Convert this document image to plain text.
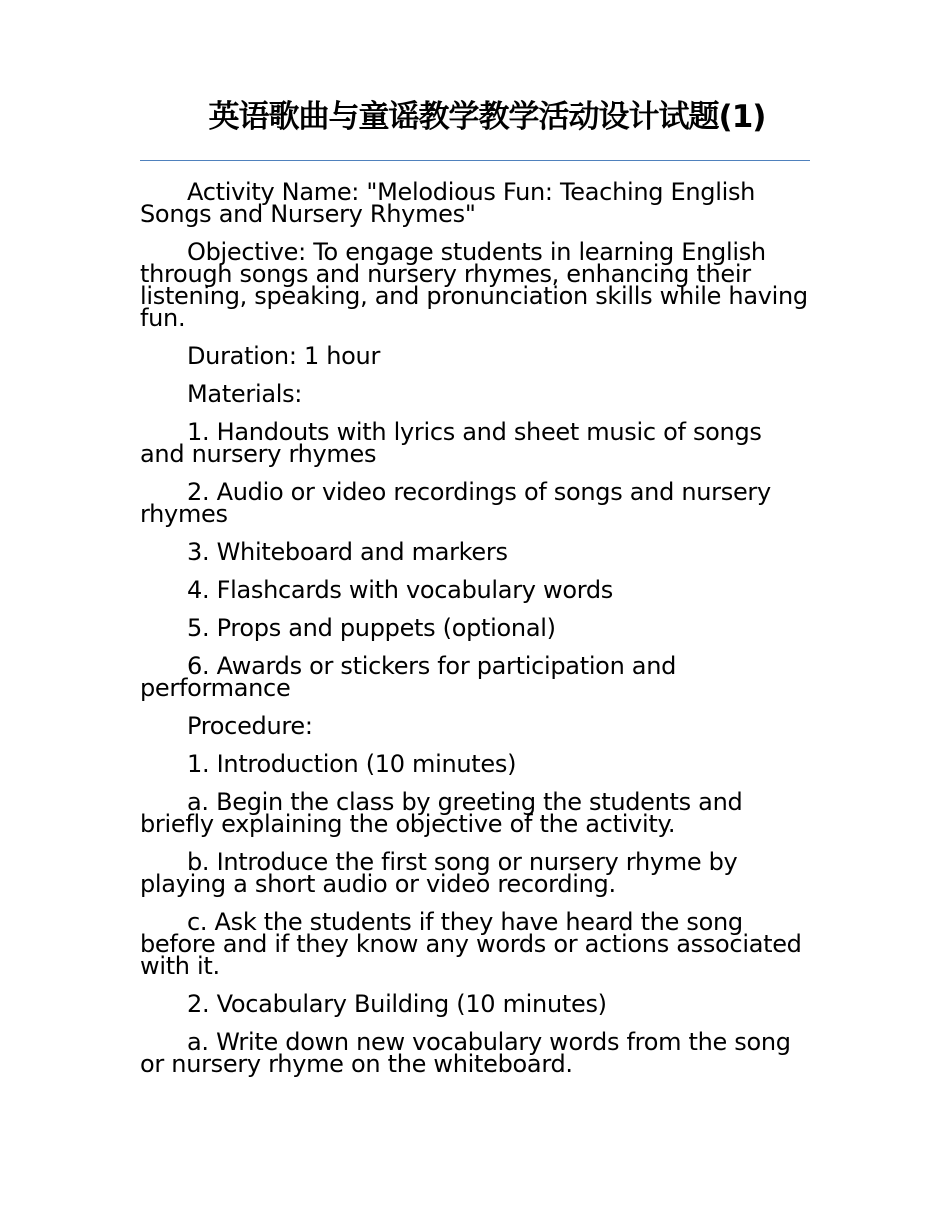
英语歌曲与童谣教学教学活动设计试题(1)

Activity Name: "Melodious Fun: Teaching English Songs and Nursery Rhymes"

Objective: To engage students in learning English through songs and nursery rhymes, enhancing their listening, speaking, and pronunciation skills while having fun.

Duration: 1 hour

Materials:

1. Handouts with lyrics and sheet music of songs and nursery rhymes

2. Audio or video recordings of songs and nursery rhymes

3. Whiteboard and markers

4. Flashcards with vocabulary words

5. Props and puppets (optional)

6. Awards or stickers for participation and performance

Procedure:

1. Introduction (10 minutes)

a. Begin the class by greeting the students and briefly explaining the objective of the activity.

b. Introduce the first song or nursery rhyme by playing a short audio or video recording.

c. Ask the students if they have heard the song before and if they know any words or actions associated with it.

2. Vocabulary Building (10 minutes)

a. Write down new vocabulary words from the song or nursery rhyme on the whiteboard.
